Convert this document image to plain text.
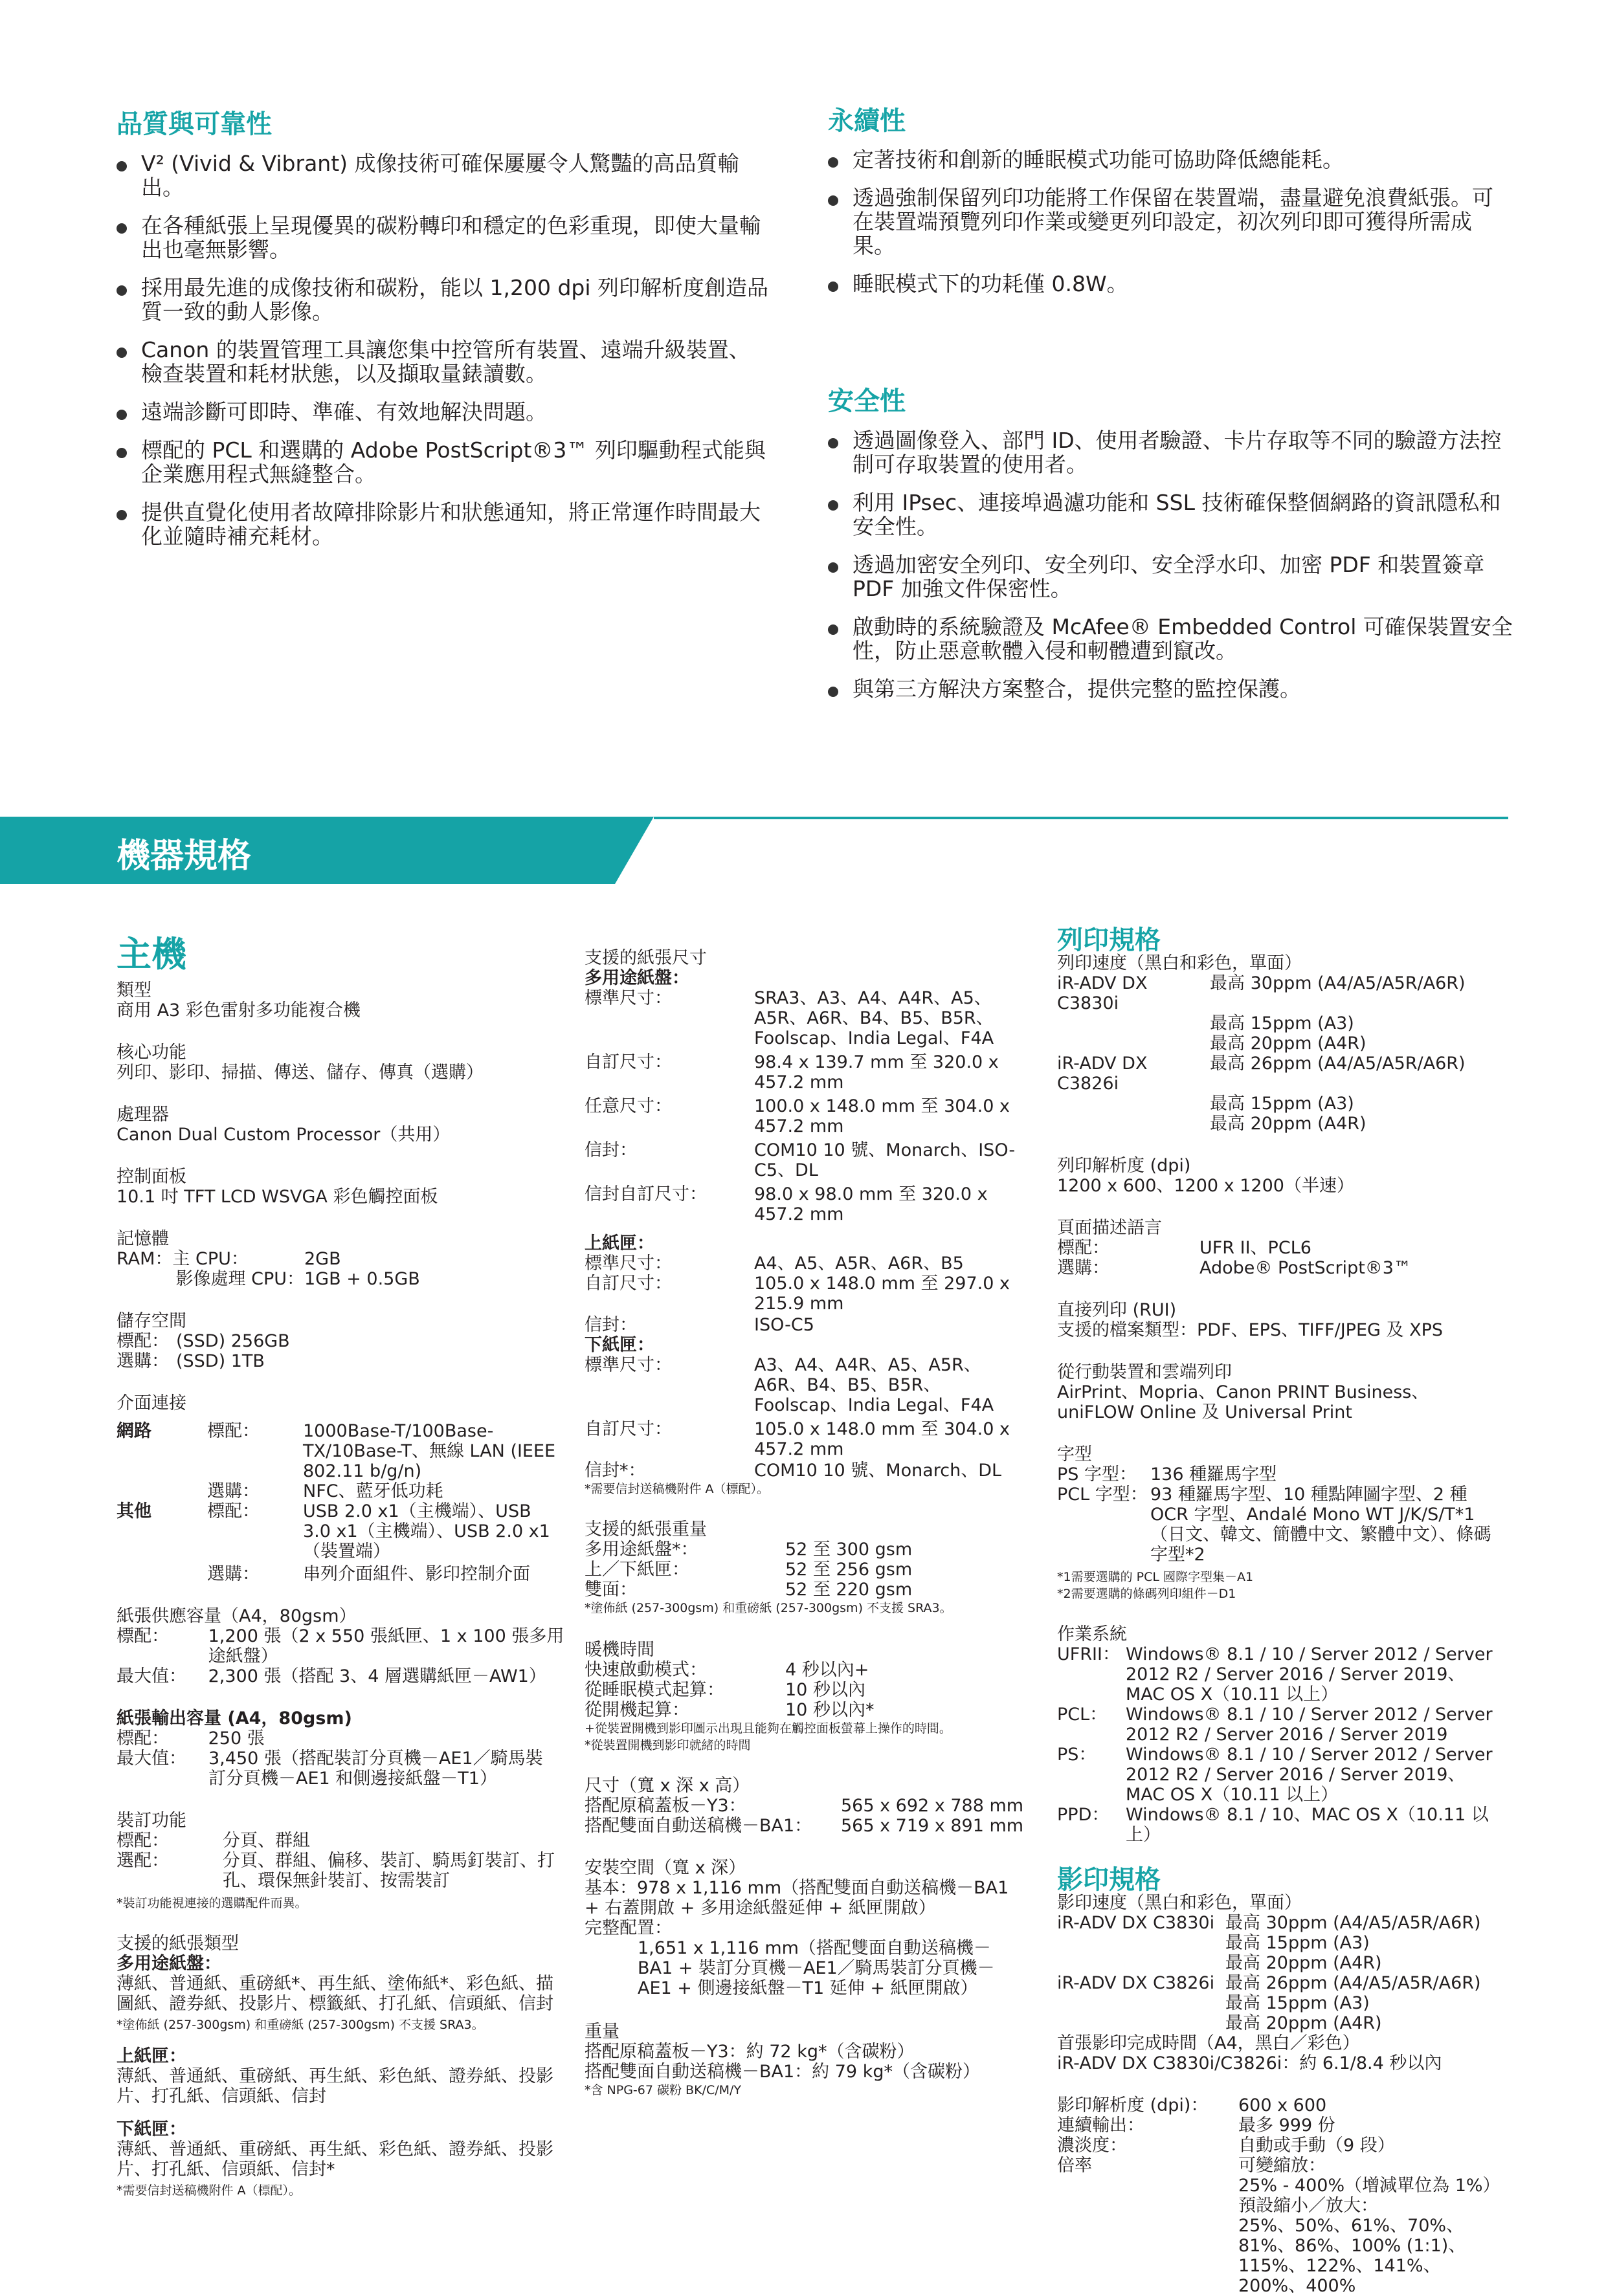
品質與可靠性
V² (Vivid & Vibrant) 成像技術可確保屢屢令人驚豔的高品質輸出。
在各種紙張上呈現優異的碳粉轉印和穩定的色彩重現，即使大量輸出也毫無影響。
採用最先進的成像技術和碳粉，能以 1,200 dpi 列印解析度創造品質一致的動人影像。
Canon 的裝置管理工具讓您集中控管所有裝置、遠端升級裝置、檢查裝置和耗材狀態，以及擷取量錶讀數。
遠端診斷可即時、準確、有效地解決問題。
標配的 PCL 和選購的 Adobe PostScript®3™ 列印驅動程式能與企業應用程式無縫整合。
提供直覺化使用者故障排除影片和狀態通知，將正常運作時間最大化並隨時補充耗材。
永續性
定著技術和創新的睡眠模式功能可協助降低總能耗。
透過強制保留列印功能將工作保留在裝置端，盡量避免浪費紙張。可在裝置端預覽列印作業或變更列印設定，初次列印即可獲得所需成果。
睡眠模式下的功耗僅 0.8W。
安全性
透過圖像登入、部門 ID、使用者驗證、卡片存取等不同的驗證方法控制可存取裝置的使用者。
利用 IPsec、連接埠過濾功能和 SSL 技術確保整個網路的資訊隱私和安全性。
透過加密安全列印、安全列印、安全浮水印、加密 PDF 和裝置簽章 PDF 加強文件保密性。
啟動時的系統驗證及 McAfee® Embedded Control 可確保裝置安全性，防止惡意軟體入侵和軔體遭到竄改。
與第三方解決方案整合，提供完整的監控保護。
機器規格
主機
類型
商用 A3 彩色雷射多功能複合機
核心功能
列印、影印、掃描、傳送、儲存、傳真（選購）
處理器
Canon Dual Custom Processor（共用）
控制面板
10.1 吋 TFT LCD WSVGA 彩色觸控面板
記憶體
RAM：主 CPU：	2GB
影像處理 CPU： 1GB + 0.5GB
儲存空間
標配： (SSD) 256GB
選購： (SSD) 1TB
介面連接
網路	標配：	1000Base-T/100Base-TX/10Base-T、無線 LAN (IEEE 802.11 b/g/n)
選購：	NFC、藍牙低功耗
其他	標配：	USB 2.0 x1（主機端）、USB 3.0 x1（主機端）、USB 2.0 x1（裝置端）
選購：	串列介面組件、影印控制介面
紙張供應容量（A4，80gsm）
標配：	1,200 張（2 x 550 張紙匣、1 x 100 張多用途紙盤）
最大值：	2,300 張（搭配 3、4 層選購紙匣－AW1）
紙張輸出容量 (A4，80gsm)
標配：	250 張
最大值：	3,450 張（搭配裝訂分頁機－AE1／騎馬裝訂分頁機－AE1 和側邊接紙盤－T1）
裝訂功能
標配：	分頁、群組
選配：	分頁、群組、偏移、裝訂、騎馬釘裝訂、打孔、環保無針裝訂、按需裝訂
*裝訂功能視連接的選購配件而異。
支援的紙張類型
多用途紙盤：
薄紙、普通紙、重磅紙*、再生紙、塗佈紙*、彩色紙、描圖紙、證券紙、投影片、標籤紙、打孔紙、信頭紙、信封
*塗佈紙 (257-300gsm) 和重磅紙 (257-300gsm) 不支援 SRA3。
上紙匣：
薄紙、普通紙、重磅紙、再生紙、彩色紙、證券紙、投影片、打孔紙、信頭紙、信封
下紙匣：
薄紙、普通紙、重磅紙、再生紙、彩色紙、證券紙、投影片、打孔紙、信頭紙、信封*
*需要信封送稿機附件 A（標配）。
支援的紙張尺寸
多用途紙盤：
標準尺寸：	SRA3、A3、A4、A4R、A5、A5R、A6R、B4、B5、B5R、Foolscap、India Legal、F4A
自訂尺寸：	98.4 x 139.7 mm 至 320.0 x 457.2 mm
任意尺寸：	100.0 x 148.0 mm 至 304.0 x 457.2 mm
信封：	COM10 10 號、Monarch、ISO-C5、DL
信封自訂尺寸：	98.0 x 98.0 mm 至 320.0 x 457.2 mm
上紙匣：
標準尺寸：	A4、A5、A5R、A6R、B5
自訂尺寸：	105.0 x 148.0 mm 至 297.0 x 215.9 mm
信封：	ISO-C5
下紙匣：
標準尺寸：	A3、A4、A4R、A5、A5R、A6R、B4、B5、B5R、Foolscap、India Legal、F4A
自訂尺寸：	105.0 x 148.0 mm 至 304.0 x 457.2 mm
信封*：	COM10 10 號、Monarch、DL
*需要信封送稿機附件 A（標配）。
支援的紙張重量
多用途紙盤*：	52 至 300 gsm
上／下紙匣：	52 至 256 gsm
雙面：	52 至 220 gsm
*塗佈紙 (257-300gsm) 和重磅紙 (257-300gsm) 不支援 SRA3。
暖機時間
快速啟動模式：	4 秒以內+
從睡眠模式起算：	10 秒以內
從開機起算：	10 秒以內*
+從裝置開機到影印圖示出現且能夠在觸控面板螢幕上操作的時間。
*從裝置開機到影印就緒的時間
尺寸（寬 x 深 x 高）
搭配原稿蓋板－Y3：	565 x 692 x 788 mm
搭配雙面自動送稿機－BA1：	565 x 719 x 891 mm
安裝空間（寬 x 深）
基本：978 x 1,116 mm（搭配雙面自動送稿機－BA1 + 右蓋開啟 + 多用途紙盤延伸 + 紙匣開啟）
完整配置：
1,651 x 1,116 mm（搭配雙面自動送稿機－BA1 + 裝訂分頁機－AE1／騎馬裝訂分頁機－AE1 + 側邊接紙盤－T1 延伸 + 紙匣開啟）
重量
搭配原稿蓋板－Y3：約 72 kg*（含碳粉）
搭配雙面自動送稿機－BA1：約 79 kg*（含碳粉）
*含 NPG-67 碳粉 BK/C/M/Y
列印規格
列印速度（黑白和彩色，單面）
iR-ADV DX C3830i
最高 30ppm (A4/A5/A5R/A6R)
最高 15ppm (A3)
最高 20ppm (A4R)
iR-ADV DX C3826i
最高 26ppm (A4/A5/A5R/A6R)
最高 15ppm (A3)
最高 20ppm (A4R)
列印解析度 (dpi)
1200 x 600、1200 x 1200（半速）
頁面描述語言
標配：	UFR II、PCL6
選購：	Adobe® PostScript®3™
直接列印 (RUI)
支援的檔案類型：PDF、EPS、TIFF/JPEG 及 XPS
從行動裝置和雲端列印
AirPrint、Mopria、Canon PRINT Business、uniFLOW Online 及 Universal Print
字型
PS 字型： 136 種羅馬字型
PCL 字型： 93 種羅馬字型、10 種點陣圖字型、2 種 OCR 字型、Andalé Mono WT J/K/S/T*1（日文、韓文、簡體中文、繁體中文）、條碼字型*2
*1需要選購的 PCL 國際字型集－A1
*2需要選購的條碼列印組件－D1
作業系統
UFRII： Windows® 8.1 / 10 / Server 2012 / Server 2012 R2 / Server 2016 / Server 2019、MAC OS X（10.11 以上）
PCL：	Windows® 8.1 / 10 / Server 2012 / Server 2012 R2 / Server 2016 / Server 2019
PS：	Windows® 8.1 / 10 / Server 2012 / Server 2012 R2 / Server 2016 / Server 2019、MAC OS X（10.11 以上）
PPD： Windows® 8.1 / 10、MAC OS X（10.11 以上）
影印規格
影印速度（黑白和彩色，單面）
iR-ADV DX C3830i 最高 30ppm (A4/A5/A5R/A6R)
最高 15ppm (A3)
最高 20ppm (A4R)
iR-ADV DX C3826i 最高 26ppm (A4/A5/A5R/A6R)
最高 15ppm (A3)
最高 20ppm (A4R)
首張影印完成時間（A4，黑白／彩色）
iR-ADV DX C3830i/C3826i：約 6.1/8.4 秒以內
影印解析度 (dpi)：	600 x 600
連續輸出：	最多 999 份
濃淡度：	自動或手動（9 段）
倍率	可變縮放：
25% - 400%（增減單位為 1%）
預設縮小／放大：
25%、50%、61%、70%、81%、86%、100% (1:1)、115%、122%、141%、200%、400%
